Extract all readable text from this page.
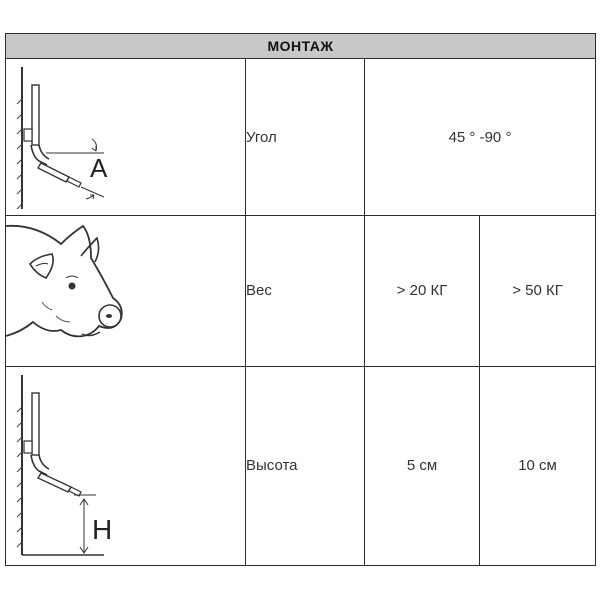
МОНТАЖ			

A	Угол	45 ° -90 °	

	Вес	> 20 КГ	> 50 КГ

H	Высота	5 см	10 см
